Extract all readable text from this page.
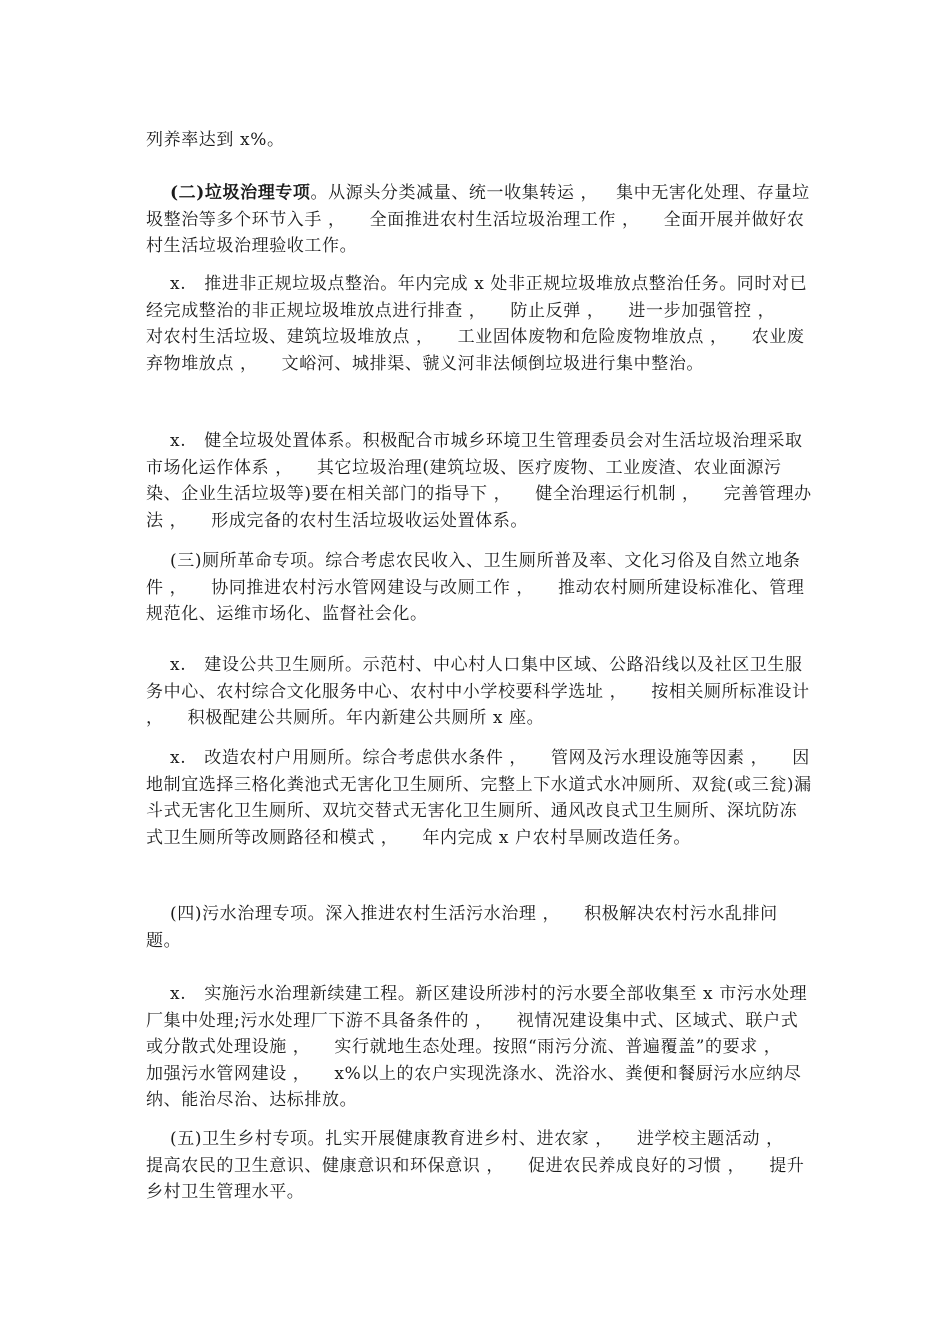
列养率达到 x%。

(二)垃圾治理专项。从源头分类减量、统一收集转运 ，   集中无害化处理、存量垃圾整治等多个环节入手 ，    全面推进农村生活垃圾治理工作 ，    全面开展并做好农村生活垃圾治理验收工作。

x.   推进非正规垃圾点整治。年内完成 x 处非正规垃圾堆放点整治任务。同时对已经完成整治的非正规垃圾堆放点进行排查 ，    防止反弹 ，    进一步加强管控 ，    对农村生活垃圾、建筑垃圾堆放点 ，    工业固体废物和危险废物堆放点 ，    农业废弃物堆放点 ，    文峪河、城排渠、虢义河非法倾倒垃圾进行集中整治。

x.   健全垃圾处置体系。积极配合市城乡环境卫生管理委员会对生活垃圾治理采取市场化运作体系 ，    其它垃圾治理(建筑垃圾、医疗废物、工业废渣、农业面源污染、企业生活垃圾等)要在相关部门的指导下 ，    健全治理运行机制 ，    完善管理办法 ，    形成完备的农村生活垃圾收运处置体系。

(三)厕所革命专项。综合考虑农民收入、卫生厕所普及率、文化习俗及自然立地条件 ，    协同推进农村污水管网建设与改厕工作 ，    推动农村厕所建设标准化、管理规范化、运维市场化、监督社会化。

x.   建设公共卫生厕所。示范村、中心村人口集中区域、公路沿线以及社区卫生服务中心、农村综合文化服务中心、农村中小学校要科学选址 ，    按相关厕所标准设计 ，    积极配建公共厕所。年内新建公共厕所 x 座。

x.   改造农村户用厕所。综合考虑供水条件 ，    管网及污水理设施等因素 ，    因地制宜选择三格化粪池式无害化卫生厕所、完整上下水道式水冲厕所、双瓮(或三瓮)漏斗式无害化卫生厕所、双坑交替式无害化卫生厕所、通风改良式卫生厕所、深坑防冻式卫生厕所等改厕路径和模式 ，    年内完成 x 户农村旱厕改造任务。

(四)污水治理专项。深入推进农村生活污水治理 ，    积极解决农村污水乱排问题。

x.   实施污水治理新续建工程。新区建设所涉村的污水要全部收集至 x 市污水处理厂集中处理;污水处理厂下游不具备条件的 ，    视情况建设集中式、区域式、联户式或分散式处理设施 ，    实行就地生态处理。按照“雨污分流、普遍覆盖”的要求 ，    加强污水管网建设 ，    x%以上的农户实现洗涤水、洗浴水、粪便和餐厨污水应纳尽纳、能治尽治、达标排放。

(五)卫生乡村专项。扎实开展健康教育进乡村、进农家 ，    进学校主题活动 ，    提高农民的卫生意识、健康意识和环保意识 ，    促进农民养成良好的习惯 ，    提升乡村卫生管理水平。
